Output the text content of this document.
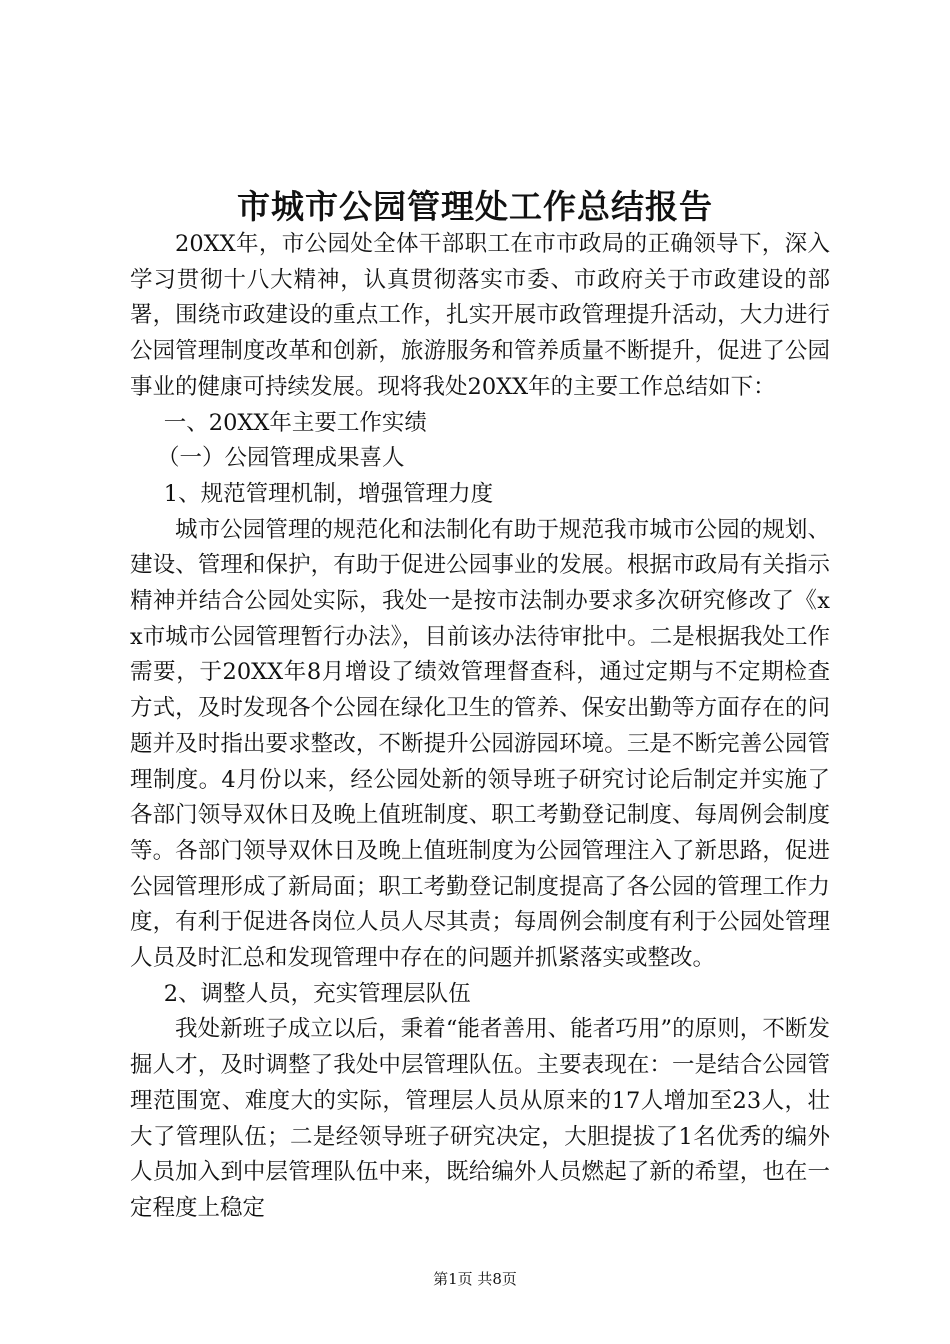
市城市公园管理处工作总结报告

20XX年，市公园处全体干部职工在市市政局的正确领导下，深入学习贯彻十八大精神，认真贯彻落实市委、市政府关于市政建设的部署，围绕市政建设的重点工作，扎实开展市政管理提升活动，大力进行公园管理制度改革和创新，旅游服务和管养质量不断提升，促进了公园事业的健康可持续发展。现将我处20XX年的主要工作总结如下：

一、20XX年主要工作实绩

（一）公园管理成果喜人

1、规范管理机制，增强管理力度

城市公园管理的规范化和法制化有助于规范我市城市公园的规划、建设、管理和保护，有助于促进公园事业的发展。根据市政局有关指示精神并结合公园处实际，我处一是按市法制办要求多次研究修改了《xx市城市公园管理暂行办法》，目前该办法待审批中。二是根据我处工作需要，于20XX年8月增设了绩效管理督查科，通过定期与不定期检查方式，及时发现各个公园在绿化卫生的管养、保安出勤等方面存在的问题并及时指出要求整改，不断提升公园游园环境。三是不断完善公园管理制度。4月份以来，经公园处新的领导班子研究讨论后制定并实施了各部门领导双休日及晚上值班制度、职工考勤登记制度、每周例会制度等。各部门领导双休日及晚上值班制度为公园管理注入了新思路，促进公园管理形成了新局面；职工考勤登记制度提高了各公园的管理工作力度，有利于促进各岗位人员人尽其责；每周例会制度有利于公园处管理人员及时汇总和发现管理中存在的问题并抓紧落实或整改。

2、调整人员，充实管理层队伍

我处新班子成立以后，秉着“能者善用、能者巧用”的原则，不断发掘人才，及时调整了我处中层管理队伍。主要表现在：一是结合公园管理范围宽、难度大的实际，管理层人员从原来的17人增加至23人，壮大了管理队伍；二是经领导班子研究决定，大胆提拔了1名优秀的编外人员加入到中层管理队伍中来，既给编外人员燃起了新的希望，也在一定程度上稳定

第1页 共8页
